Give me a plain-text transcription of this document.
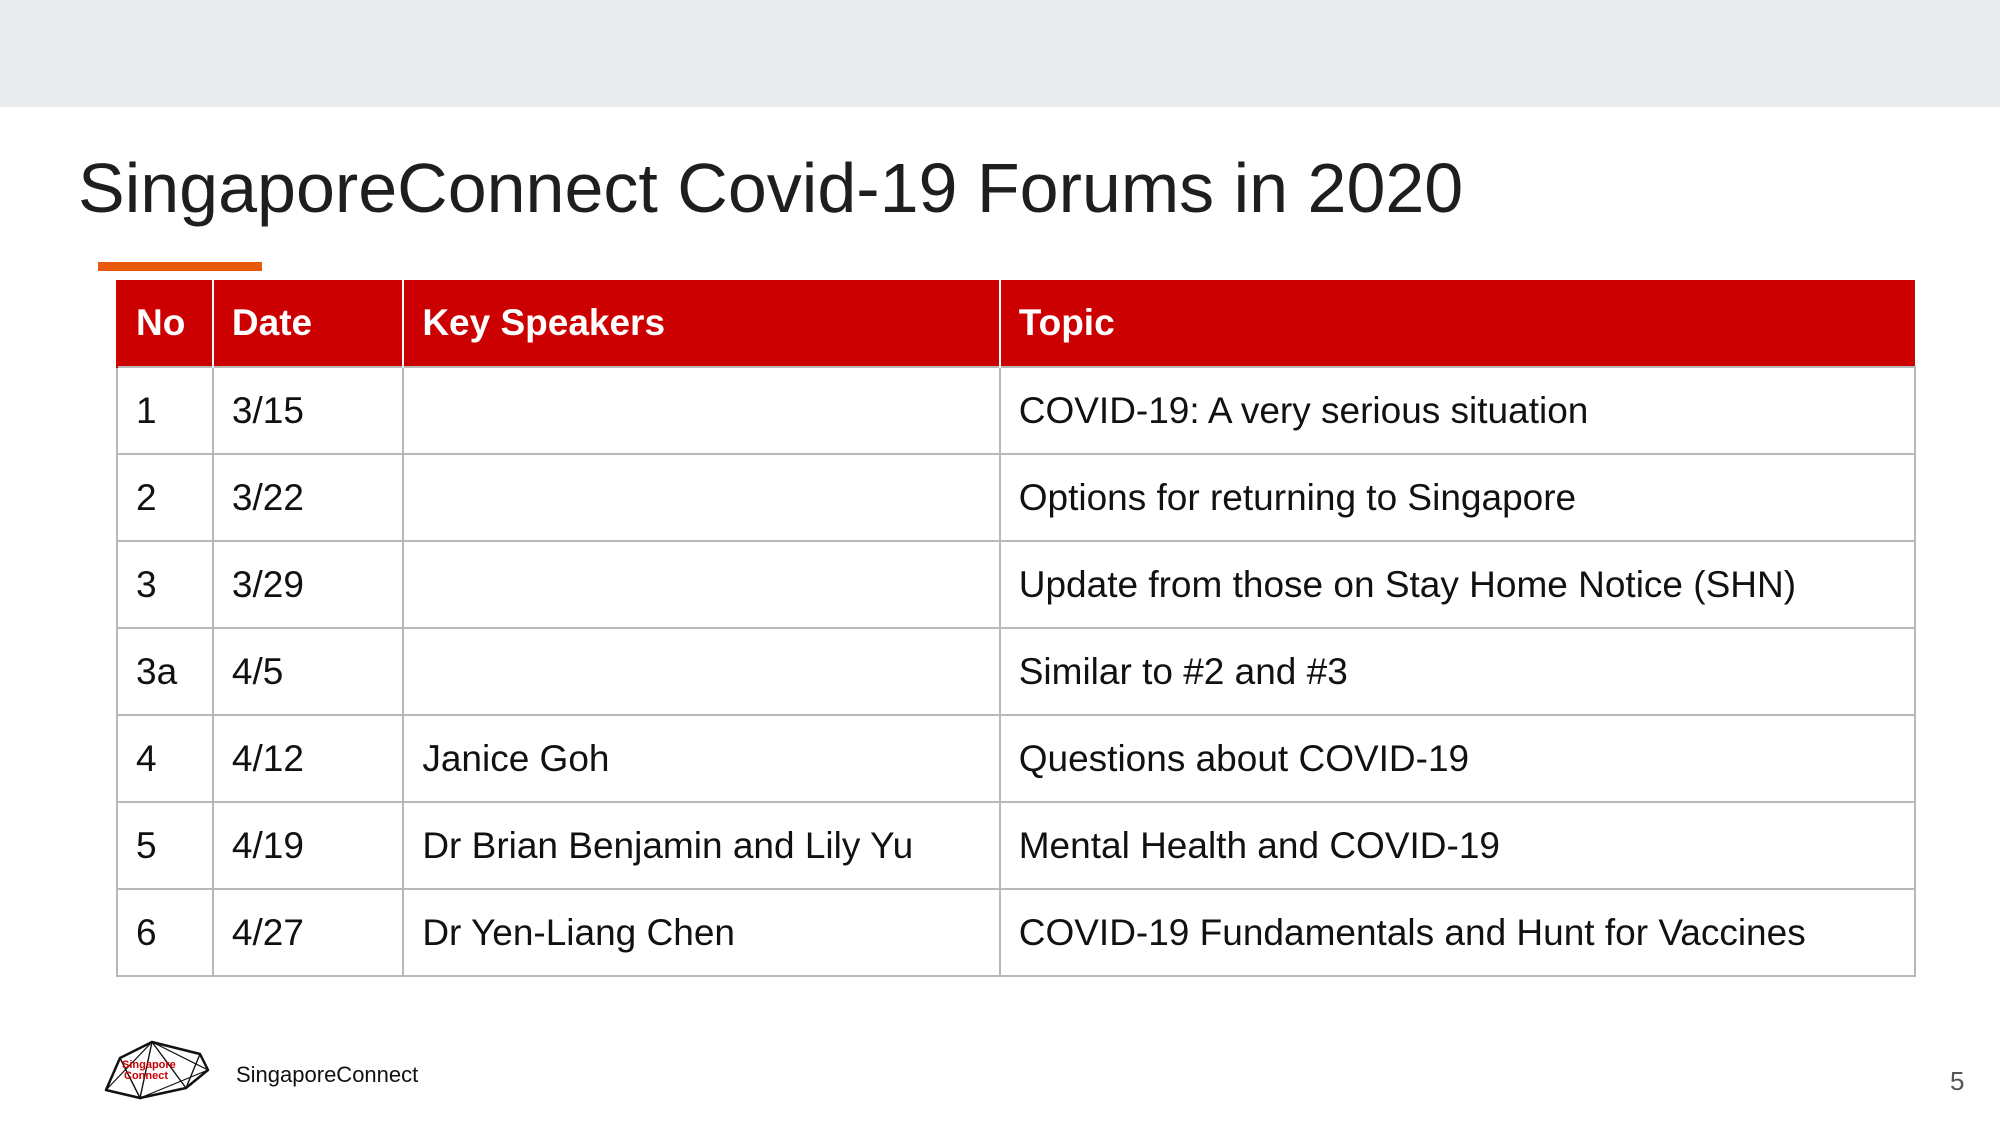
SingaporeConnect Covid-19 Forums in 2020
No	Date	Key Speakers	Topic
1	3/15		COVID-19: A very serious situation
2	3/22		Options for returning to Singapore
3	3/29		Update from those on Stay Home Notice (SHN)
3a	4/5		Similar to #2 and #3
4	4/12	Janice Goh	Questions about COVID-19
5	4/19	Dr Brian Benjamin and Lily Yu	Mental Health and COVID-19
6	4/27	Dr Yen-Liang Chen	COVID-19 Fundamentals and Hunt for Vaccines
Singapore
Connect	SingaporeConnect	5
